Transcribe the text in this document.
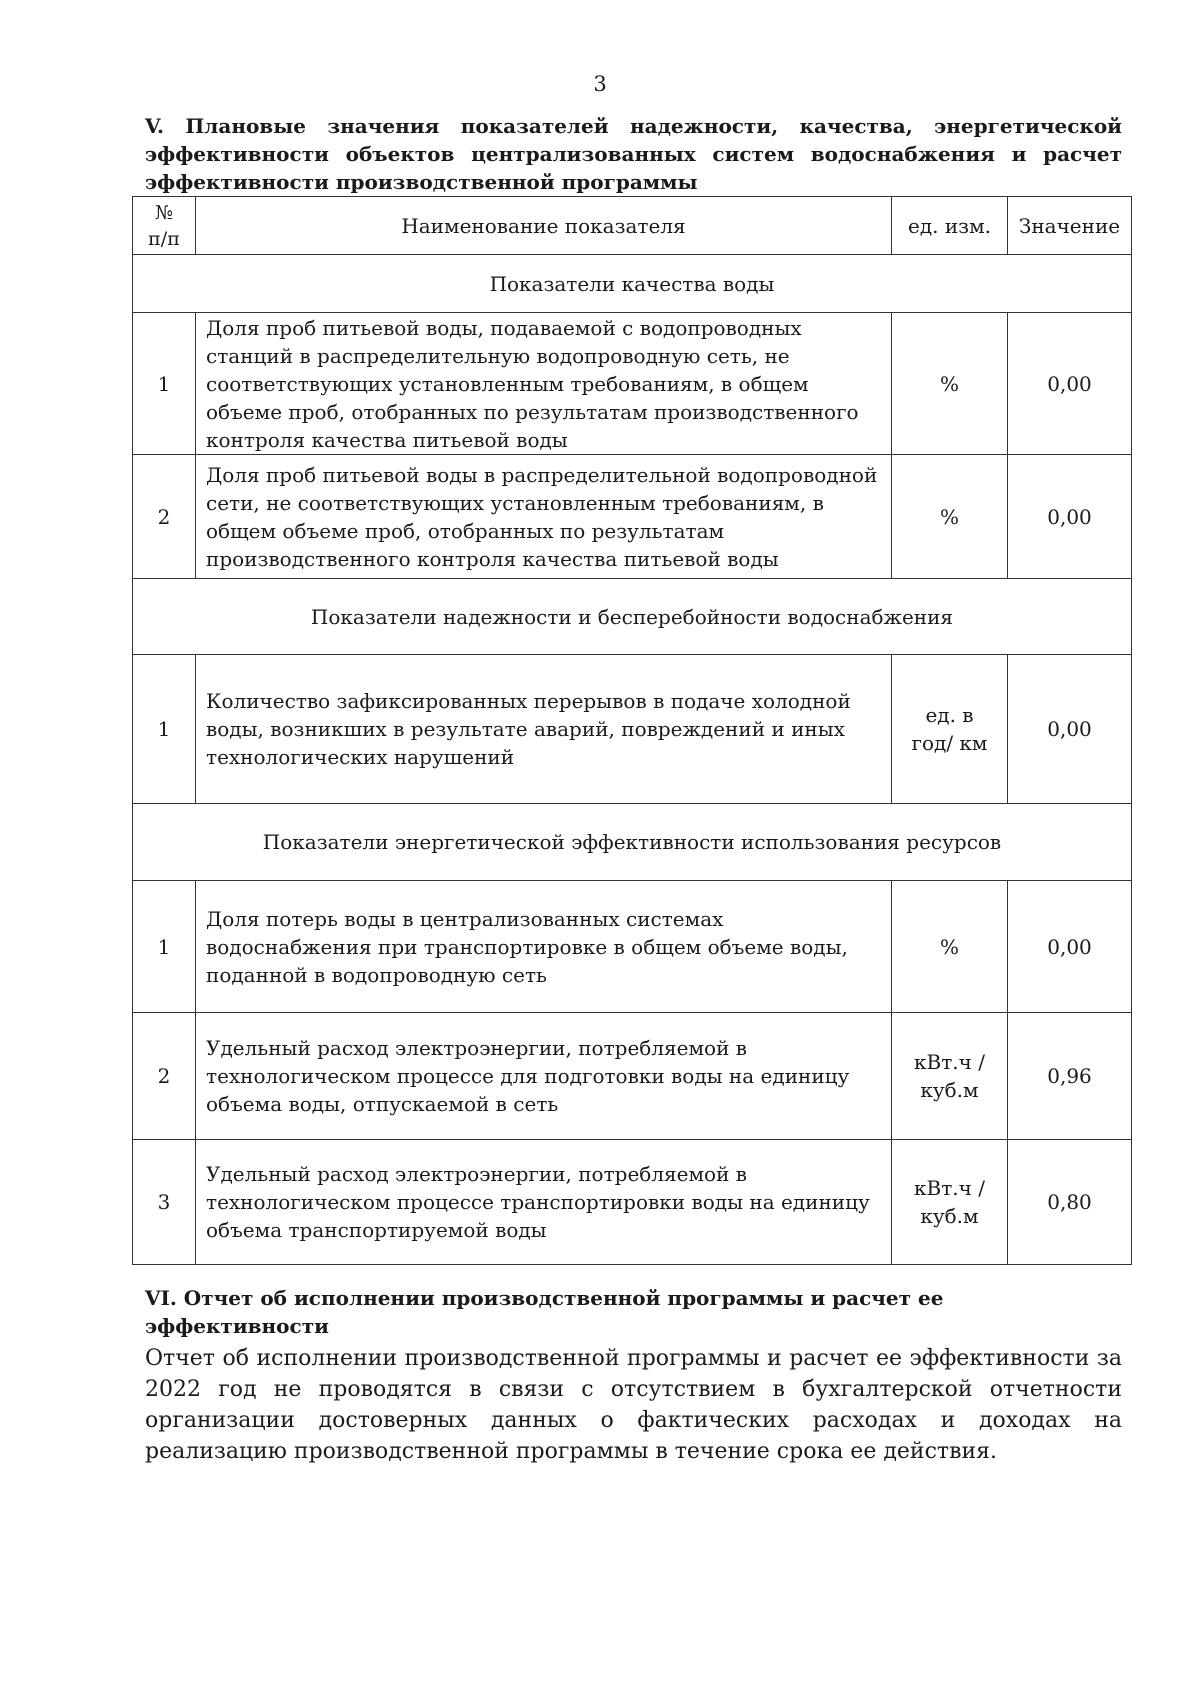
3
V. Плановые значения показателей надежности, качества, энергетической эффективности объектов централизованных систем водоснабжения и расчет эффективности производственной программы
№
п/п	Наименование показателя	ед. изм.	Значение
Показатели качества воды			
1	Доля проб питьевой воды, подаваемой с водопроводных станций в распределительную водопроводную сеть, не соответствующих установленным требованиям, в общем объеме проб, отобранных по результатам производственного контроля качества питьевой воды	%	0,00
2	Доля проб питьевой воды в распределительной водопроводной сети, не соответствующих установленным требованиям, в общем объеме проб, отобранных по результатам производственного контроля качества питьевой воды	%	0,00
Показатели надежности и бесперебойности водоснабжения			
1	Количество зафиксированных перерывов в подаче холодной воды, возникших в результате аварий, повреждений и иных технологических нарушений	ед. в год/ км	0,00
Показатели энергетической эффективности использования ресурсов			
1	Доля потерь воды в централизованных системах водоснабжения при транспортировке в общем объеме воды, поданной в водопроводную сеть	%	0,00
2	Удельный расход электроэнергии, потребляемой в технологическом процессе для подготовки воды на единицу объема воды, отпускаемой в сеть	кВт.ч / куб.м	0,96
3	Удельный расход электроэнергии, потребляемой в технологическом процессе транспортировки воды на единицу объема транспортируемой воды	кВт.ч / куб.м	0,80
VI. Отчет об исполнении производственной программы и расчет ее эффективности
Отчет об исполнении производственной программы и расчет ее эффективности за 2022 год не проводятся в связи с отсутствием в бухгалтерской отчетности организации достоверных данных о фактических расходах и доходах на реализацию производственной программы в течение срока ее действия.
